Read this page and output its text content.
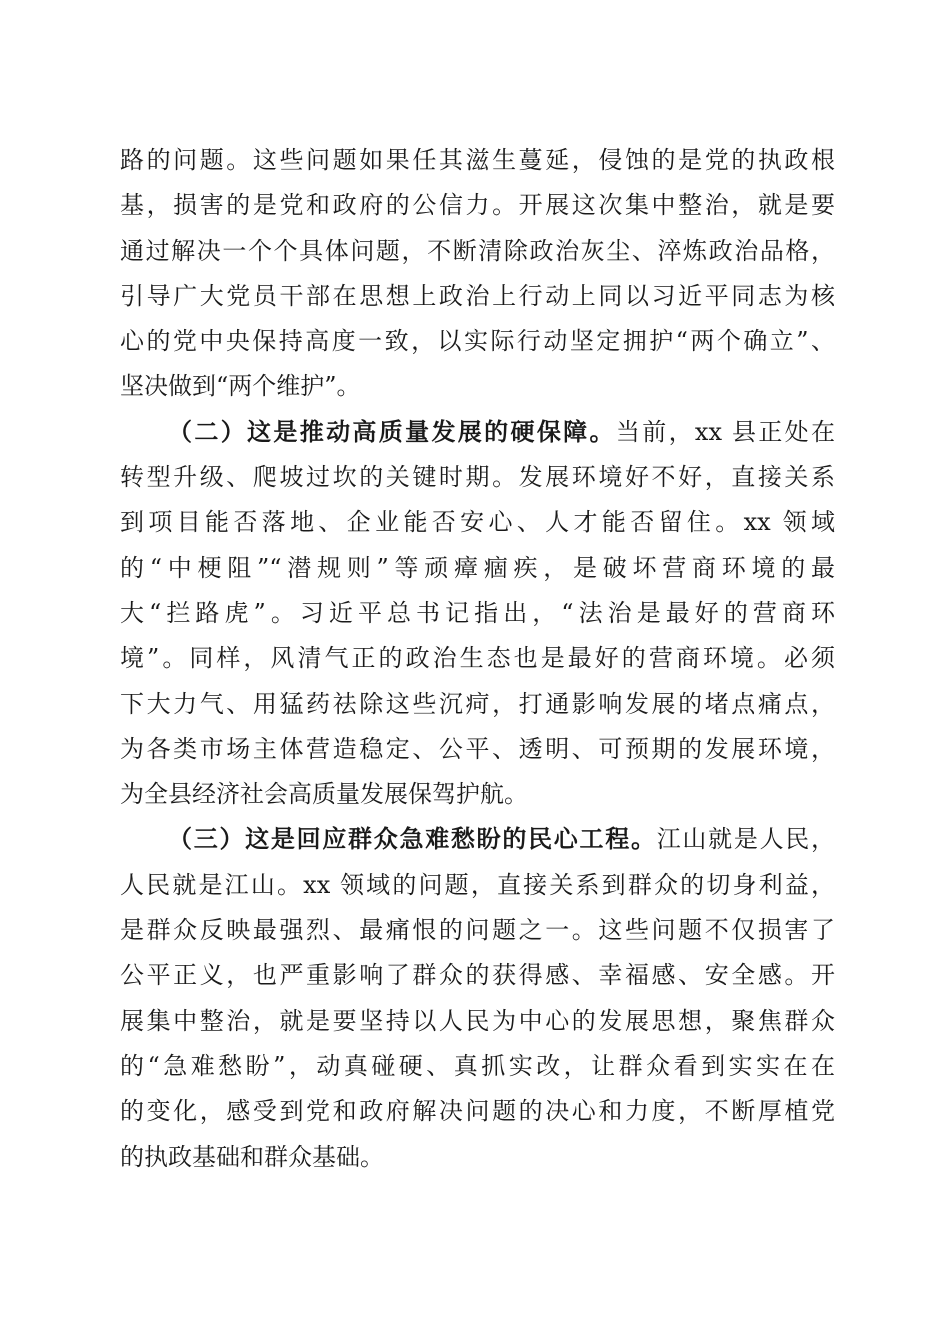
路的问题。这些问题如果任其滋生蔓延，侵蚀的是党的执政根
基，损害的是党和政府的公信力。开展这次集中整治，就是要
通过解决一个个具体问题，不断清除政治灰尘、淬炼政治品格，
引导广大党员干部在思想上政治上行动上同以习近平同志为核
心的党中央保持高度一致，以实际行动坚定拥护“两个确立”、
坚决做到“两个维护”。
（二）这是推动高质量发展的硬保障。当前，xx 县正处在
转型升级、爬坡过坎的关键时期。发展环境好不好，直接关系
到项目能否落地、企业能否安心、人才能否留住。xx 领域
的“中梗阻”“潜规则”等顽瘴痼疾，是破坏营商环境的最
大“拦路虎”。习近平总书记指出，“法治是最好的营商环
境”。同样，风清气正的政治生态也是最好的营商环境。必须
下大力气、用猛药祛除这些沉疴，打通影响发展的堵点痛点，
为各类市场主体营造稳定、公平、透明、可预期的发展环境，
为全县经济社会高质量发展保驾护航。
（三）这是回应群众急难愁盼的民心工程。江山就是人民，
人民就是江山。xx 领域的问题，直接关系到群众的切身利益，
是群众反映最强烈、最痛恨的问题之一。这些问题不仅损害了
公平正义，也严重影响了群众的获得感、幸福感、安全感。开
展集中整治，就是要坚持以人民为中心的发展思想，聚焦群众
的“急难愁盼”，动真碰硬、真抓实改，让群众看到实实在在
的变化，感受到党和政府解决问题的决心和力度，不断厚植党
的执政基础和群众基础。
